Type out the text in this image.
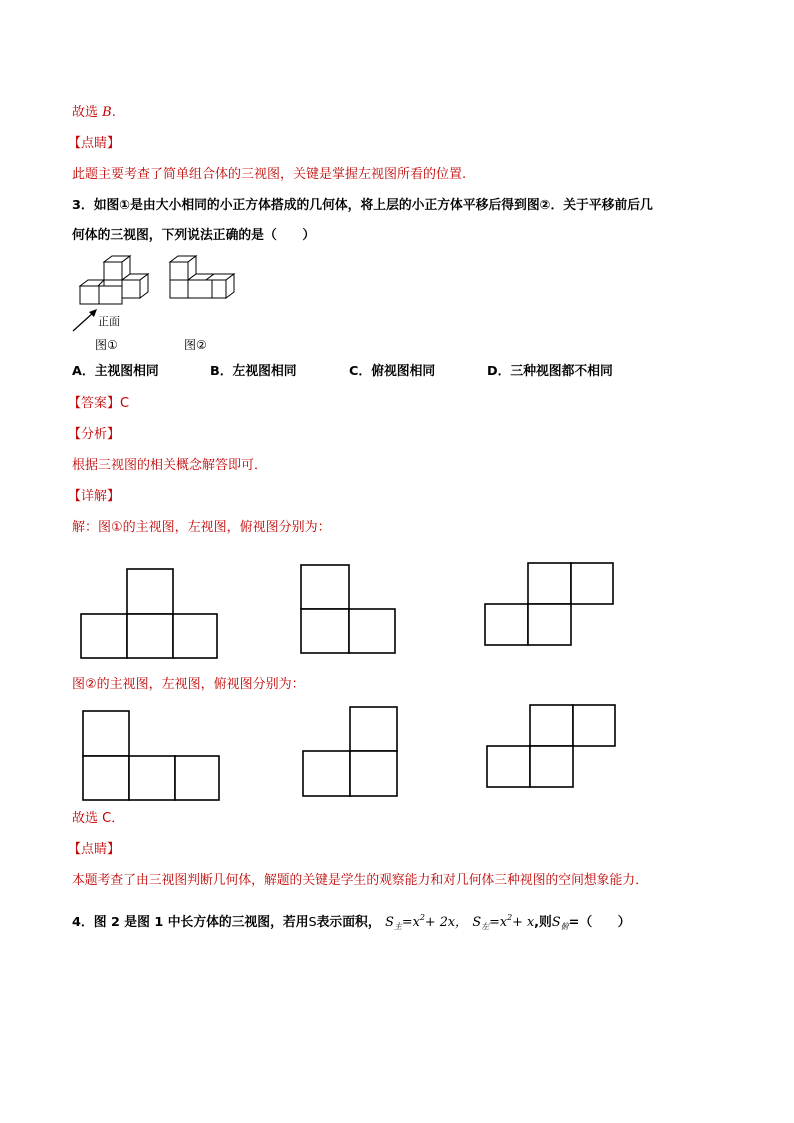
故选 B.
【点睛】
此题主要考查了简单组合体的三视图，关键是掌握左视图所看的位置.
3．如图①是由大小相同的小正方体搭成的几何体，将上层的小正方体平移后得到图②．关于平移前后几
何体的三视图，下列说法正确的是（　　）
正面
图①	图②
A．主视图相同	B．左视图相同	C．俯视图相同	D．三种视图都不相同
【答案】C
【分析】
根据三视图的相关概念解答即可．
【详解】
解：图①的主视图，左视图，俯视图分别为：
图②的主视图，左视图，俯视图分别为：
故选 C．
【点睛】
本题考查了由三视图判断几何体，解题的关键是学生的观察能力和对几何体三种视图的空间想象能力．
4．图 2 是图 1 中长方体的三视图，若用S表示面积， $S_主=x^2+ 2x$， $S_左=x^2+ x$,则$S_俯=$（　　）
